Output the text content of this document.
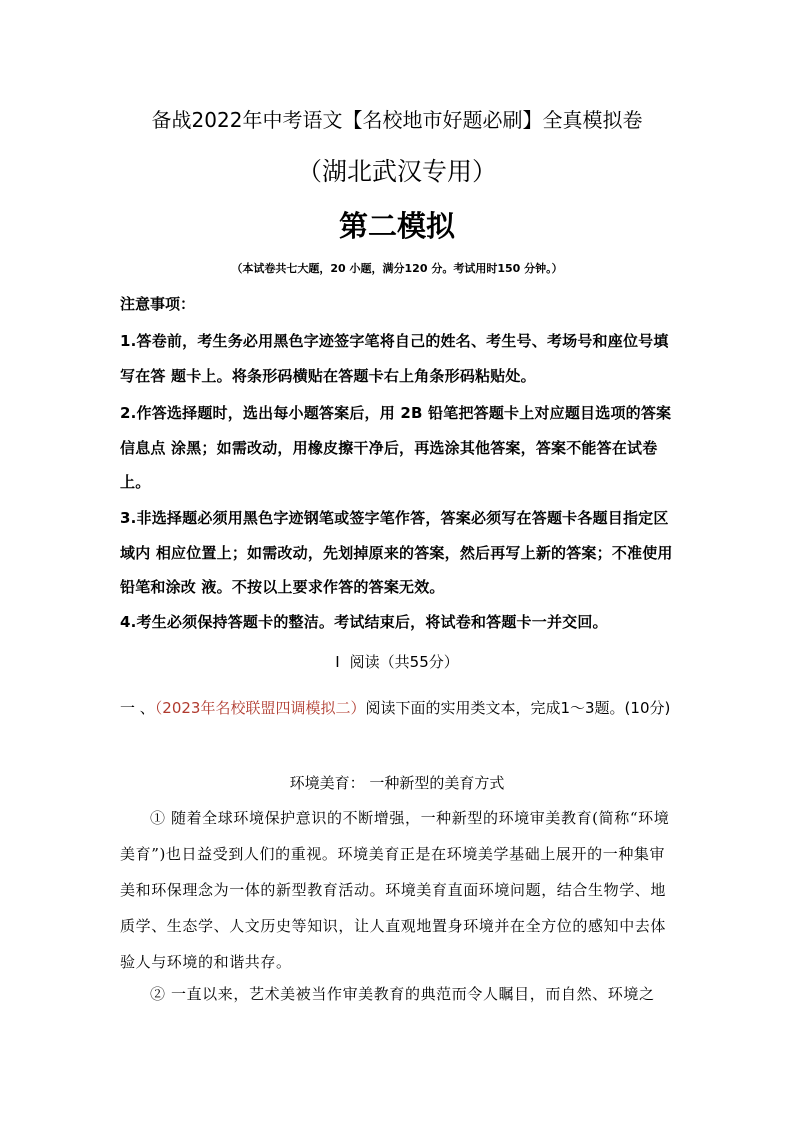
备战2022年中考语文【名校地市好题必刷】全真模拟卷
（湖北武汉专用）
第二模拟
（本试卷共七大题，20 小题，满分120 分。考试用时150 分钟。）
注意事项：
1.答卷前，考生务必用黑色字迹签字笔将自己的姓名、考生号、考场号和座位号填写在答 题卡上。将条形码横贴在答题卡右上角条形码粘贴处。
2.作答选择题时，选出每小题答案后，用 2B 铅笔把答题卡上对应题目选项的答案信息点 涂黑；如需改动，用橡皮擦干净后，再选涂其他答案，答案不能答在试卷上。
3.非选择题必须用黑色字迹钢笔或签字笔作答，答案必须写在答题卡各题目指定区域内 相应位置上；如需改动，先划掉原来的答案，然后再写上新的答案；不准使用铅笔和涂改 液。不按以上要求作答的答案无效。
4.考生必须保持答题卡的整洁。考试结束后，将试卷和答题卡一并交回。
I 阅读（共55分）
一 、（2023年名校联盟四调模拟二）阅读下面的实用类文本，完成1～3题。(10分)
环境美育： 一种新型的美育方式
① 随着全球环境保护意识的不断增强，一种新型的环境审美教育(简称“环境美育”)也日益受到人们的重视。环境美育正是在环境美学基础上展开的一种集审美和环保理念为一体的新型教育活动。环境美育直面环境问题，结合生物学、地质学、生态学、人文历史等知识，让人直观地置身环境并在全方位的感知中去体验人与环境的和谐共存。
② 一直以来，艺术美被当作审美教育的典范而令人瞩目，而自然、环境之
